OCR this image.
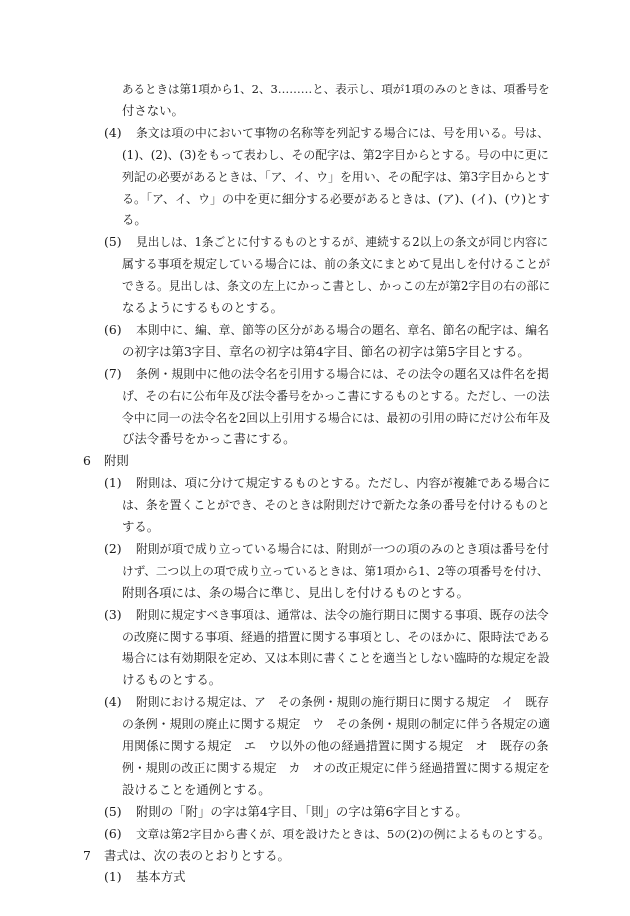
あるときは第1項から1、2、3………と、表示し、項が1項のみのときは、項番号を
付さない。
(4) 条文は項の中において事物の名称等を列記する場合には、号を用いる。号は、
(1)、(2)、(3)をもって表わし、その配字は、第2字目からとする。号の中に更に
列記の必要があるときは、「ア、イ、ウ」を用い、その配字は、第3字目からとす
る。「ア、イ、ウ」の中を更に細分する必要があるときは、(ア)、(イ)、(ウ)とす
る。
(5) 見出しは、1条ごとに付するものとするが、連続する2以上の条文が同じ内容に
属する事項を規定している場合には、前の条文にまとめて見出しを付けることが
できる。見出しは、条文の左上にかっこ書とし、かっこの左が第2字目の右の部に
なるようにするものとする。
(6) 本則中に、編、章、節等の区分がある場合の題名、章名、節名の配字は、編名
の初字は第3字目、章名の初字は第4字目、節名の初字は第5字目とする。
(7) 条例・規則中に他の法令名を引用する場合には、その法令の題名又は件名を掲
げ、その右に公布年及び法令番号をかっこ書にするものとする。ただし、一の法
令中に同一の法令名を2回以上引用する場合には、最初の引用の時にだけ公布年及
び法令番号をかっこ書にする。
6 附則
(1) 附則は、項に分けて規定するものとする。ただし、内容が複雑である場合に
は、条を置くことができ、そのときは附則だけで新たな条の番号を付けるものと
する。
(2) 附則が項で成り立っている場合には、附則が一つの項のみのとき項は番号を付
けず、二つ以上の項で成り立っているときは、第1項から1、2等の項番号を付け、
附則各項には、条の場合に準じ、見出しを付けるものとする。
(3) 附則に規定すべき事項は、通常は、法令の施行期日に関する事項、既存の法令
の改廃に関する事項、経過的措置に関する事項とし、そのほかに、限時法である
場合には有効期限を定め、又は本則に書くことを適当としない臨時的な規定を設
けるものとする。
(4) 附則における規定は、ア　その条例・規則の施行期日に関する規定　イ　既存
の条例・規則の廃止に関する規定　ウ　その条例・規則の制定に伴う各規定の適
用関係に関する規定　エ　ウ以外の他の経過措置に関する規定　オ　既存の条
例・規則の改正に関する規定　カ　オの改正規定に伴う経過措置に関する規定を
設けることを通例とする。
(5) 附則の「附」の字は第4字目、「則」の字は第6字目とする。
(6) 文章は第2字目から書くが、項を設けたときは、5の(2)の例によるものとする。
7 書式は、次の表のとおりとする。
(1) 基本方式
